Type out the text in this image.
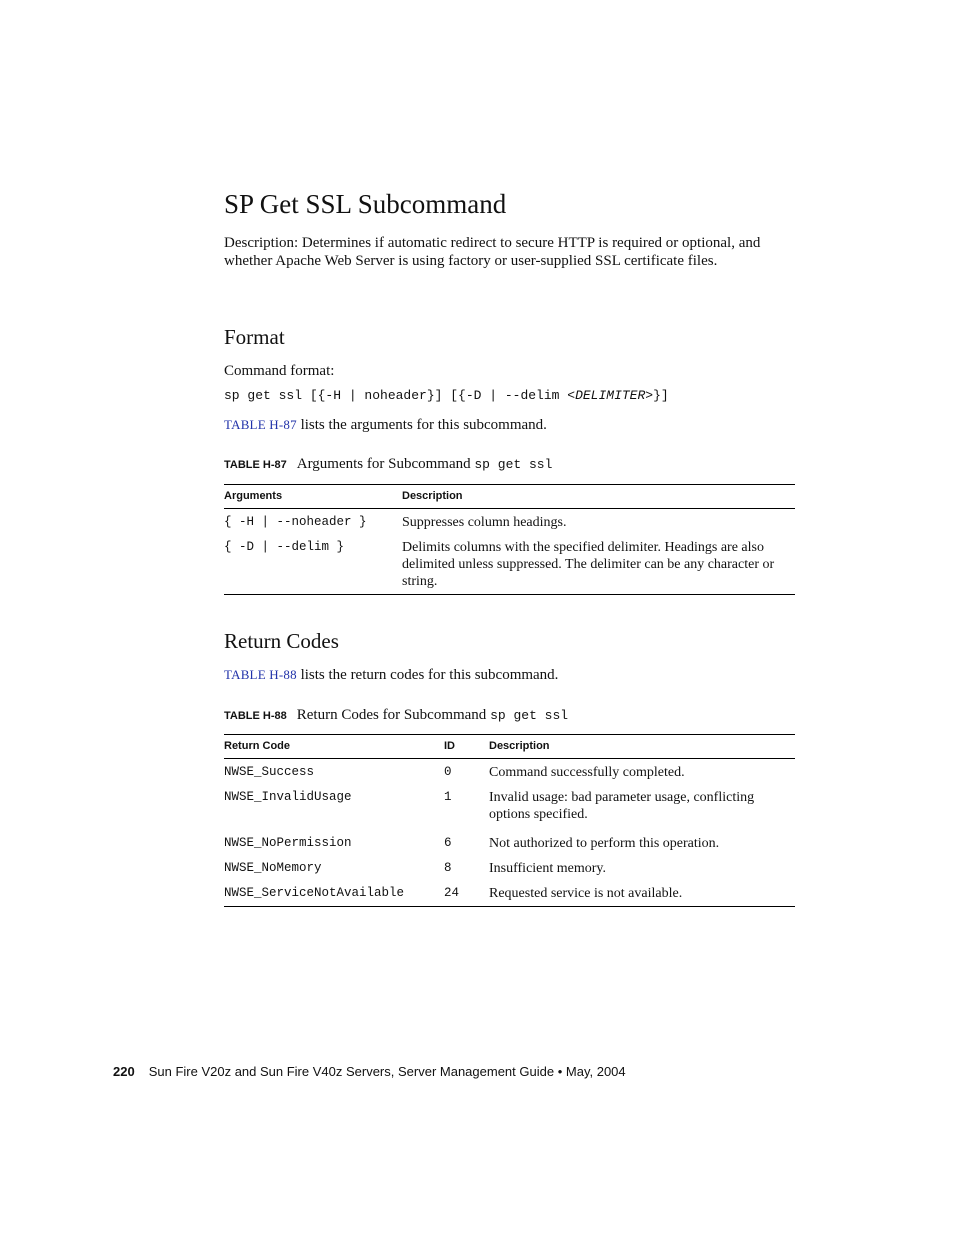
SP Get SSL Subcommand
Description: Determines if automatic redirect to secure HTTP is required or optional, and whether Apache Web Server is using factory or user-supplied SSL certificate files.
Format
Command format:
sp get ssl [{-H | noheader}] [{-D | --delim <DELIMITER>}]
TABLE H-87 lists the arguments for this subcommand.
TABLE H-87 Arguments for Subcommand sp get ssl
Arguments	Description
{ -H | --noheader }	Suppresses column headings.
{ -D | --delim }	Delimits columns with the specified delimiter. Headings are also delimited unless suppressed. The delimiter can be any character or string.
Return Codes
TABLE H-88 lists the return codes for this subcommand.
TABLE H-88 Return Codes for Subcommand sp get ssl
Return Code	ID	Description
NWSE_Success	0	Command successfully completed.
NWSE_InvalidUsage	1	Invalid usage: bad parameter usage, conflicting options specified.
NWSE_NoPermission	6	Not authorized to perform this operation.
NWSE_NoMemory	8	Insufficient memory.
NWSE_ServiceNotAvailable	24	Requested service is not available.
220 Sun Fire V20z and Sun Fire V40z Servers, Server Management Guide • May, 2004
